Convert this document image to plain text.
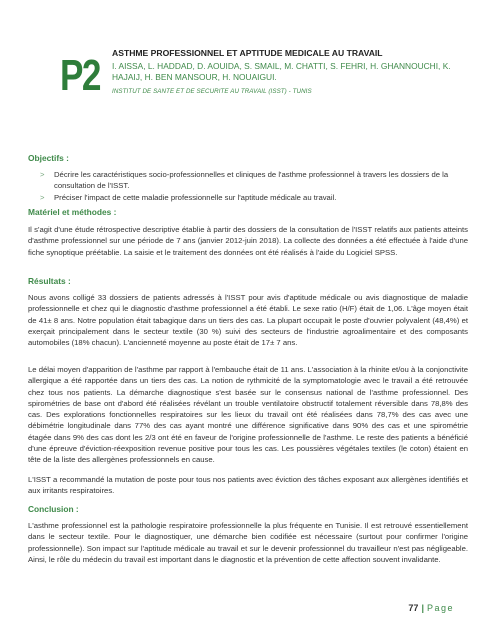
P2 ASTHME PROFESSIONNEL ET APTITUDE MEDICALE AU TRAVAIL

I. AISSA, L. HADDAD, D. AOUIDA, S. SMAIL, M. CHATTI, S. FEHRI, H. GHANNOUCHI, K. HAJAIJ, H. BEN MANSOUR, H. NOUAIGUI.

INSTITUT DE SANTE ET DE SECURITE AU TRAVAIL (ISST) - TUNIS

Objectifs :

> Décrire les caractéristiques socio-professionnelles et cliniques de l'asthme professionnel à travers les dossiers de la consultation de l'ISST.
> Préciser l'impact de cette maladie professionnelle sur l'aptitude médicale au travail.

Matériel et méthodes :

Il s'agit d'une étude rétrospective descriptive établie à partir des dossiers de la consultation de l'ISST relatifs aux patients atteints d'asthme professionnel sur une période de 7 ans (janvier 2012-juin 2018). La collecte des données a été effectuée à l'aide d'une fiche synoptique préétablie. La saisie et le traitement des données ont été réalisés à l'aide du Logiciel SPSS.

Résultats :

Nous avons colligé 33 dossiers de patients adressés à l'ISST pour avis d'aptitude médicale ou avis diagnostique de maladie professionnelle et chez qui le diagnostic d'asthme professionnel a été établi. Le sexe ratio (H/F) était de 1,06. L'âge moyen était de 41± 8 ans. Notre population était tabagique dans un tiers des cas. La plupart occupait le poste d'ouvrier polyvalent (48,4%) et exerçait principalement dans le secteur textile (30 %) suivi des secteurs de l'industrie agroalimentaire et des composants automobiles (18% chacun). L'ancienneté moyenne au poste était de 17± 7 ans.

Le délai moyen d'apparition de l'asthme par rapport à l'embauche était de 11 ans. L'association à la rhinite et/ou à la conjonctivite allergique a été rapportée dans un tiers des cas. La notion de rythmicité de la symptomatologie avec le travail a été retrouvée chez tous nos patients. La démarche diagnostique s'est basée sur le consensus national de l'asthme professionnel. Des spirométries de base ont d'abord été réalisées révélant un trouble ventilatoire obstructif totalement réversible dans 78,8% des cas. Des explorations fonctionnelles respiratoires sur les lieux du travail ont été réalisées dans 78,7% des cas avec une débimétrie longitudinale dans 77% des cas ayant montré une différence significative dans 90% des cas et une spirométrie étagée dans 9% des cas dont les 2/3 ont été en faveur de l'origine professionnelle de l'asthme. Le reste des patients a bénéficié d'une épreuve d'éviction-réexposition revenue positive pour tous les cas. Les poussières végétales textiles (le coton) étaient en tête de la liste des allergènes professionnels en cause.

L'ISST a recommandé la mutation de poste pour tous nos patients avec éviction des tâches exposant aux allergènes identifiés et aux irritants respiratoires.

Conclusion :

L'asthme professionnel est la pathologie respiratoire professionnelle la plus fréquente en Tunisie. Il est retrouvé essentiellement dans le secteur textile. Pour le diagnostiquer, une démarche bien codifiée est nécessaire (surtout pour confirmer l'origine professionnelle). Son impact sur l'aptitude médicale au travail et sur le devenir professionnel du travailleur n'est pas négligeable. Ainsi, le rôle du médecin du travail est important dans le diagnostic et la prévention de cette affection souvent invalidante.

77 | Page
